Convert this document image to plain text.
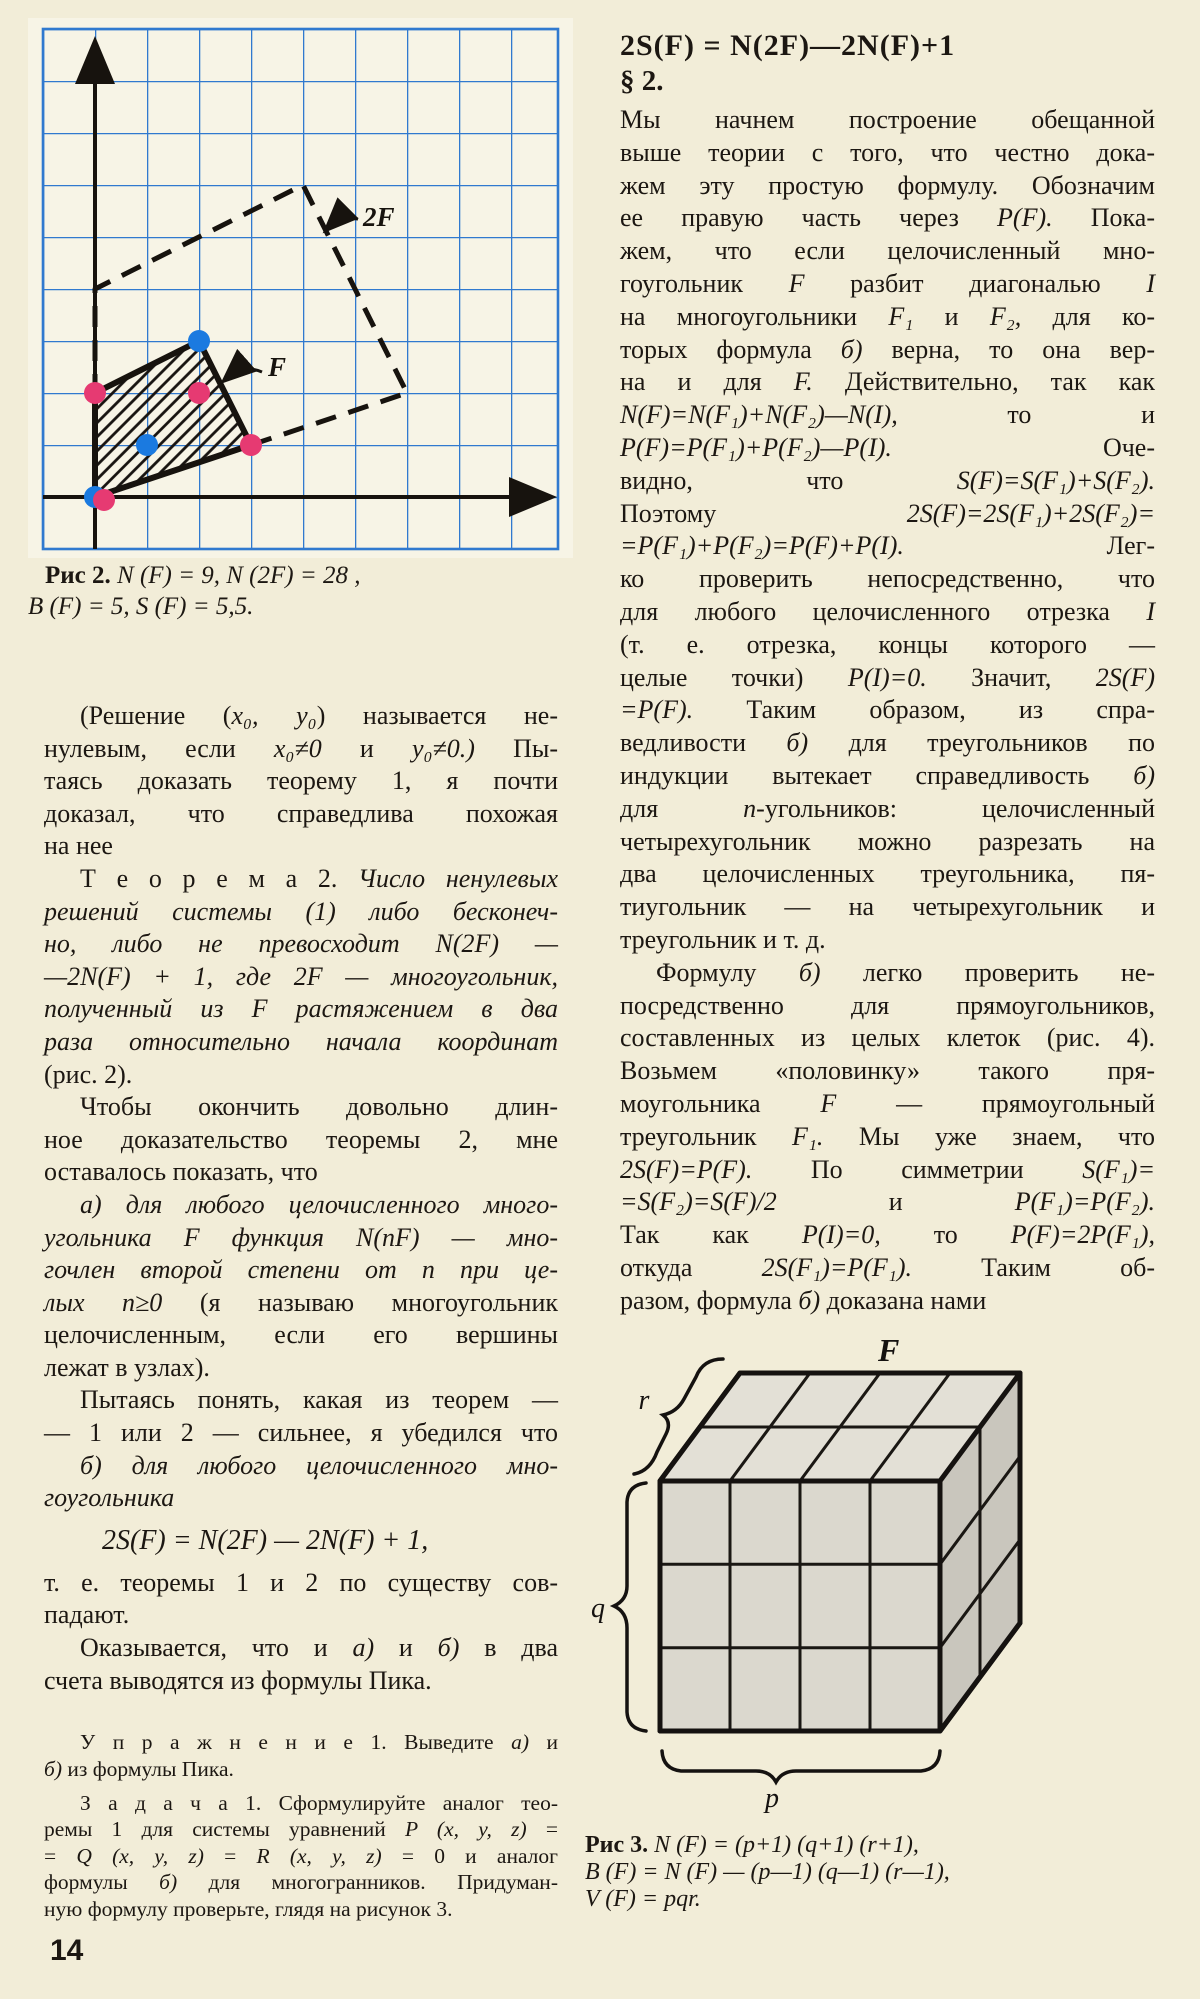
F
2F
Рис 2. N (F) = 9, N (2F) = 28 ,
B (F) = 5, S (F) = 5,5.
(Решение (x₀, y₀) называется не-
нулевым, если x₀≠0 и y₀≠0.) Пы-
таясь доказать теорему 1, я почти
доказал, что справедлива похожая
на нее
Т е о р е м а 2. Число ненулевых
решений системы (1) либо бесконеч-
но, либо не превосходит N(2F) —
—2N(F) + 1, где 2F — многоугольник,
полученный из F растяжением в два
раза относительно начала координат
(рис. 2).
Чтобы окончить довольно длин-
ное доказательство теоремы 2, мне
оставалось показать, что
а) для любого целочисленного много-
угольника F функция N(nF) — мно-
гочлен второй степени от n при це-
лых n≥0 (я называю многоугольник
целочисленным, если его вершины
лежат в узлах).
Пытаясь понять, какая из теорем —
— 1 или 2 — сильнее, я убедился что
б) для любого целочисленного мно-
гоугольника
2S(F) = N(2F) — 2N(F) + 1,
т. е. теоремы 1 и 2 по существу сов-
падают.
Оказывается, что и а) и б) в два
счета выводятся из формулы Пика.
У п р а ж н е н и е 1. Выведите а) и
б) из формулы Пика.
З а д а ч а 1. Сформулируйте аналог тео-
ремы 1 для системы уравнений P (x, y, z) =
= Q (x, y, z) = R (x, y, z) = 0 и аналог
формулы б) для многогранников. Придуман-
ную формулу проверьте, глядя на рисунок 3.
14
2S(F) = N(2F)—2N(F)+1
§ 2.
Мы начнем построение обещанной
выше теории с того, что честно дока-
жем эту простую формулу. Обозначим
ее правую часть через P(F). Пока-
жем, что если целочисленный мно-
гоугольник F разбит диагональю I
на многоугольники F₁ и F₂, для ко-
торых формула б) верна, то она вер-
на и для F. Действительно, так как
N(F)=N(F₁)+N(F₂)—N(I), то и
P(F)=P(F₁)+P(F₂)—P(I). Оче-
видно, что S(F)=S(F₁)+S(F₂).
Поэтому 2S(F)=2S(F₁)+2S(F₂)=
=P(F₁)+P(F₂)=P(F)+P(I). Лег-
ко проверить непосредственно, что
для любого целочисленного отрезка I
(т. е. отрезка, концы которого —
целые точки) P(I)=0. Значит, 2S(F)
=P(F). Таким образом, из спра-
ведливости б) для треугольников по
индукции вытекает справедливость б)
для n-угольников: целочисленный
четырехугольник можно разрезать на
два целочисленных треугольника, пя-
тиугольник — на четырехугольник и
треугольник и т. д.
Формулу б) легко проверить не-
посредственно для прямоугольников,
составленных из целых клеток (рис. 4).
Возьмем «половинку» такого пря-
моугольника F — прямоугольный
треугольник F₁. Мы уже знаем, что
2S(F)=P(F). По симметрии S(F₁)=
=S(F₂)=S(F)/2 и P(F₁)=P(F₂).
Так как P(I)=0, то P(F)=2P(F₁),
откуда 2S(F₁)=P(F₁). Таким об-
разом, формула б) доказана нами
F
r
q
p
Рис 3. N (F) = (p+1) (q+1) (r+1),
B (F) = N (F) — (p—1) (q—1) (r—1),
V (F) = pqr.
